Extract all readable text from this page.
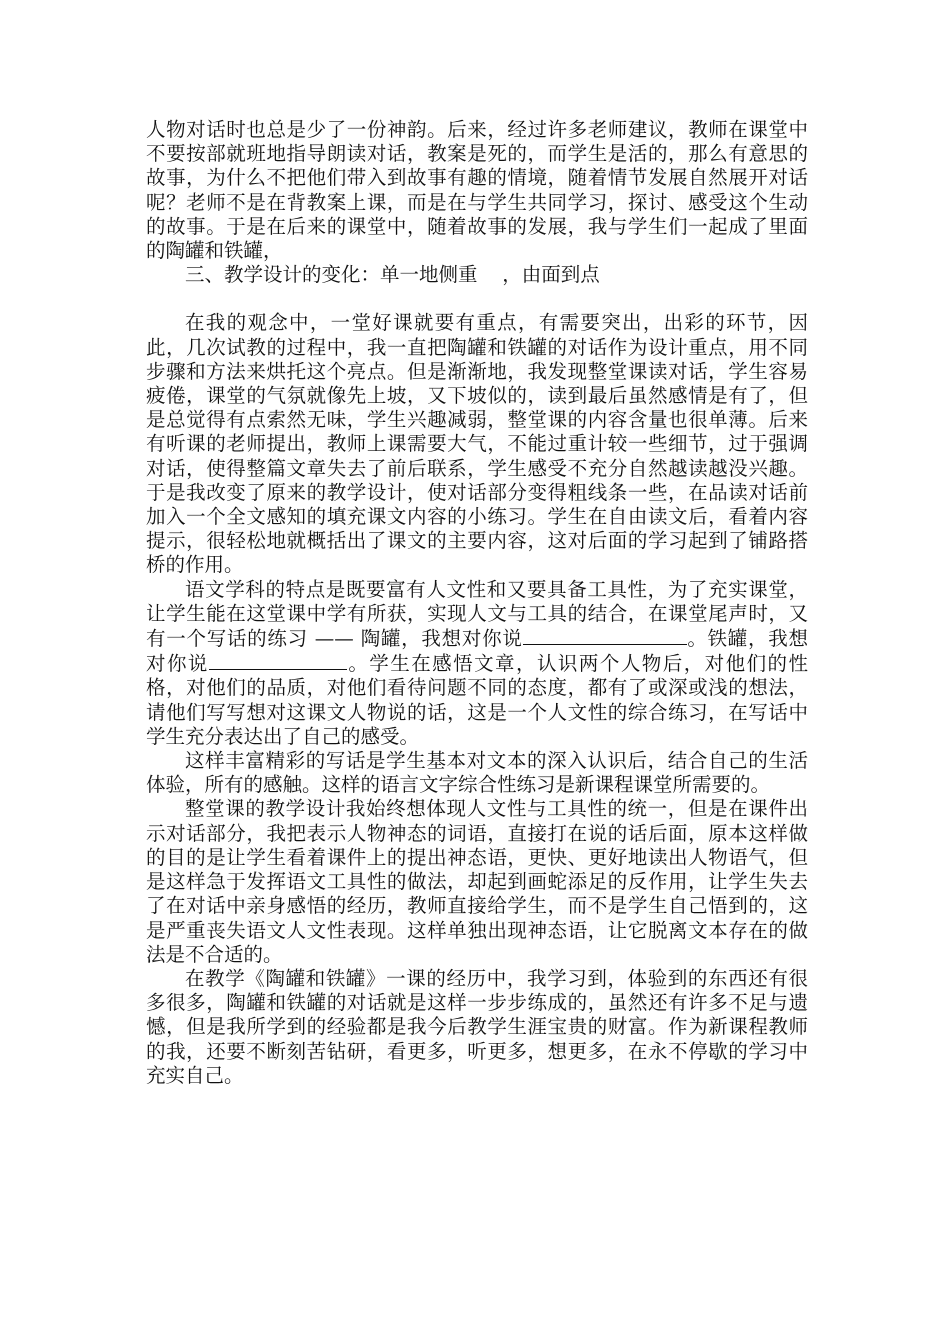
人物对话时也总是少了一份神韵。后来，经过许多老师建议，教师在课堂中不要按部就班地指导朗读对话，教案是死的，而学生是活的，那么有意思的故事，为什么不把他们带入到故事有趣的情境，随着情节发展自然展开对话呢？老师不是在背教案上课，而是在与学生共同学习，探讨、感受这个生动的故事。于是在后来的课堂中，随着故事的发展，我与学生们一起成了里面的陶罐和铁罐，

三、教学设计的变化：单一地侧重    ，由面到点

在我的观念中，一堂好课就要有重点，有需要突出，出彩的环节，因此，几次试教的过程中，我一直把陶罐和铁罐的对话作为设计重点，用不同步骤和方法来烘托这个亮点。但是渐渐地，我发现整堂课读对话，学生容易疲倦，课堂的气氛就像先上坡，又下坡似的，读到最后虽然感情是有了，但是总觉得有点索然无味，学生兴趣减弱，整堂课的内容含量也很单薄。后来有听课的老师提出，教师上课需要大气，不能过重计较一些细节，过于强调对话，使得整篇文章失去了前后联系，学生感受不充分自然越读越没兴趣。于是我改变了原来的教学设计，使对话部分变得粗线条一些，在品读对话前加入一个全文感知的填充课文内容的小练习。学生在自由读文后，看着内容提示，很轻松地就概括出了课文的主要内容，这对后面的学习起到了铺路搭桥的作用。

语文学科的特点是既要富有人文性和又要具备工具性，为了充实课堂，让学生能在这堂课中学有所获，实现人文与工具的结合，在课堂尾声时，又有一个写话的练习 —— 陶罐，我想对你说	。铁罐，我想对你说	。学生在感悟文章，认识两个人物后，对他们的性格，对他们的品质，对他们看待问题不同的态度，都有了或深或浅的想法，请他们写写想对这课文人物说的话，这是一个人文性的综合练习，在写话中学生充分表达出了自己的感受。

这样丰富精彩的写话是学生基本对文本的深入认识后，结合自己的生活体验，所有的感触。这样的语言文字综合性练习是新课程课堂所需要的。

整堂课的教学设计我始终想体现人文性与工具性的统一，但是在课件出示对话部分，我把表示人物神态的词语，直接打在说的话后面，原本这样做的目的是让学生看着课件上的提出神态语，更快、更好地读出人物语气，但是这样急于发挥语文工具性的做法，却起到画蛇添足的反作用，让学生失去了在对话中亲身感悟的经历，教师直接给学生，而不是学生自己悟到的，这是严重丧失语文人文性表现。这样单独出现神态语，让它脱离文本存在的做法是不合适的。

在教学《陶罐和铁罐》一课的经历中，我学习到，体验到的东西还有很多很多，陶罐和铁罐的对话就是这样一步步练成的，虽然还有许多不足与遗憾，但是我所学到的经验都是我今后教学生涯宝贵的财富。作为新课程教师的我，还要不断刻苦钻研，看更多，听更多，想更多，在永不停歇的学习中充实自己。
